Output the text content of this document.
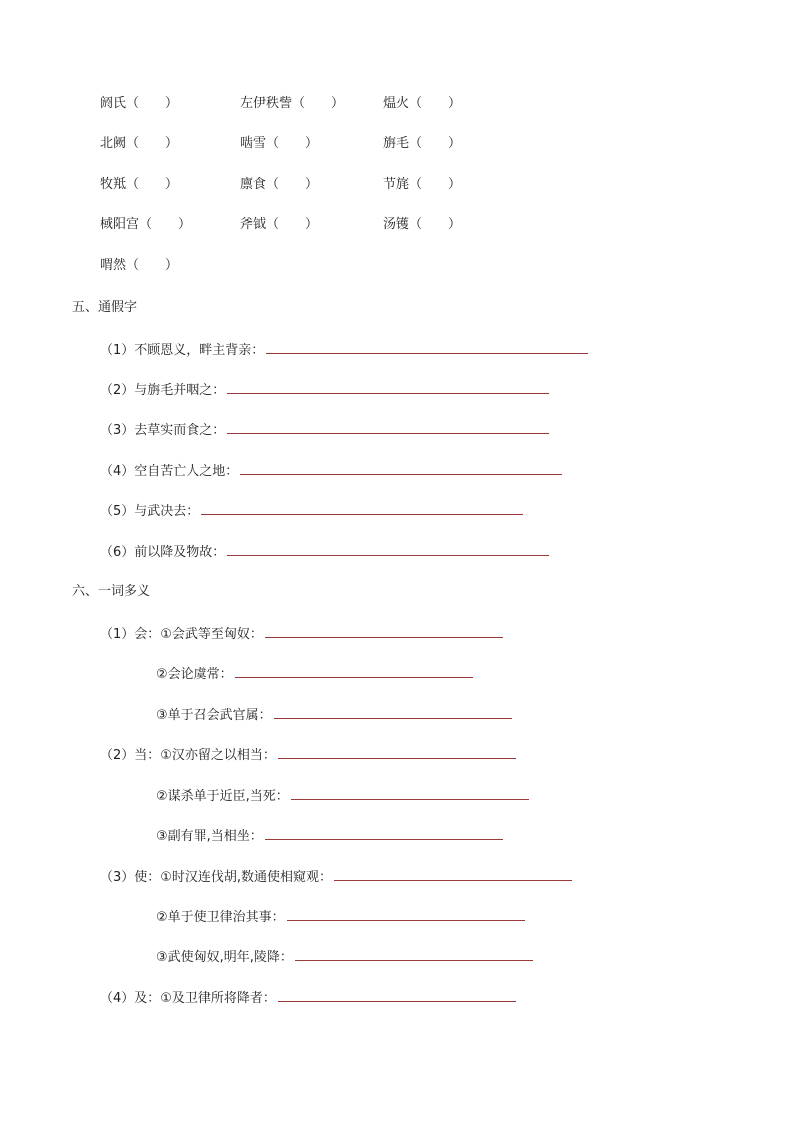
阏氏（　　）	左伊秩訾（　　）	煴火（　　）
北阙（　　）	啮雪（　　）	旃毛（　　）
牧羝（　　）	廪食（　　）	节旄（　　）
棫阳宫（　　）	斧钺（　　）	汤镬（　　）
喟然（　　）
五、通假字
（1）不顾恩义，畔主背亲：
（2）与旃毛并咽之：
（3）去草实而食之：
（4）空自苦亡人之地：
（5）与武决去：
（6）前以降及物故：
六、一词多义
（1）会：①会武等至匈奴：
②会论虞常：
③单于召会武官属：
（2）当：①汉亦留之以相当：
②谋杀单于近臣,当死：
③副有罪,当相坐：
（3）使：①时汉连伐胡,数通使相窥观：
②单于使卫律治其事：
③武使匈奴,明年,陵降：
（4）及：①及卫律所将降者：
